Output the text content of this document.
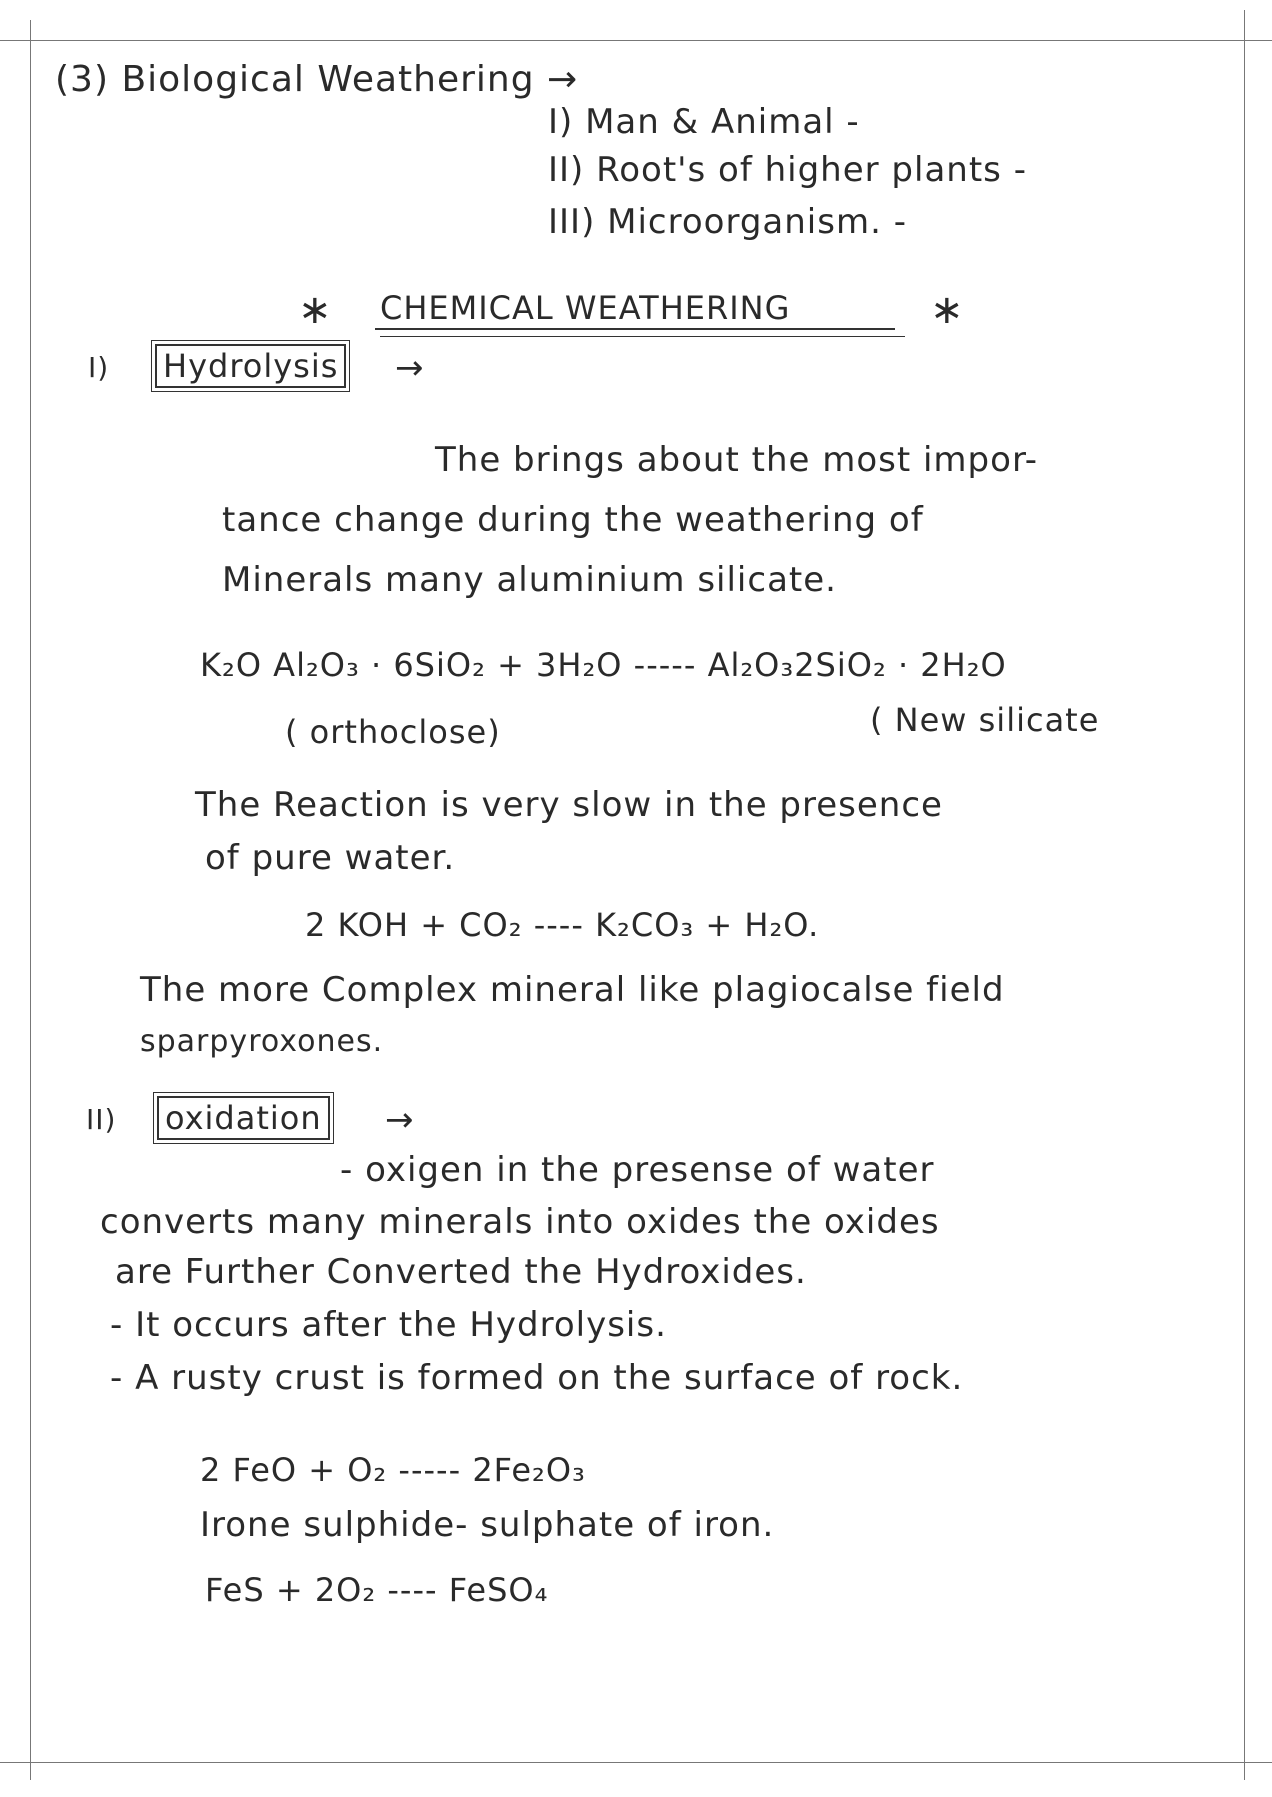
(3) Biological Weathering →
I) Man & Animal -
II) Root's of higher plants -
III) Microorganism. -
∗ CHEMICAL WEATHERING	∗
I) Hydrolysis →
The brings about the most impor-
tance change during the weathering of
Minerals many aluminium silicate.
K₂O Al₂O₃ · 6SiO₂ + 3H₂O ----- Al₂O₃2SiO₂ · 2H₂O
( orthoclose)	( New silicate
The Reaction is very slow in the presence
of pure water.
2 KOH + CO₂ ---- K₂CO₃ + H₂O.
The more Complex mineral like plagiocalse field
sparpyroxones.
II) oxidation →
- oxigen in the presense of water
converts many minerals into oxides the oxides
are Further Converted the Hydroxides.
- It occurs after the Hydrolysis.
- A rusty crust is formed on the surface of rock.
2 FeO + O₂ ----- 2Fe₂O₃
Irone sulphide- sulphate of iron.
FeS + 2O₂ ---- FeSO₄
